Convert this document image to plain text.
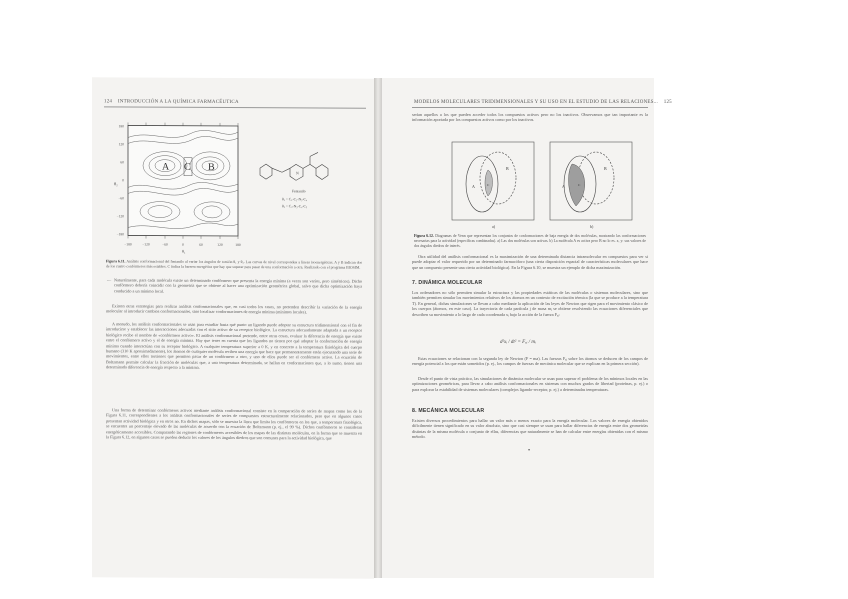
124 INTRODUCCIÓN A LA QUÍMICA FARMACÉUTICA
180
120
60
0
−60
−120
−180
θ₂
A C B
−180	−120	−60	0	60	120	180
θ₁
N
Fentanilo
θ₁ = C₁-C₂-N₃-C₄
θ₂ = C₂-N₃-C₄-C₅
Figura 6.11. Análisis conformacional del fentanilo al variar los ángulos de torsión θ₁ y θ₂. Las curvas de nivel correspondeн a líneas isoenergéticas. A y B indican dos de los cuatro confórmeros más estables. C indica la barrera energética que hay que superar para pasar de una conformación a otra. Realizado con el programa BIOSIM.
— Naturalmente, para cada molécula existe un determinado confórmero que presenta la energía mínima (a veces son varios, pero simétricos). Dicho confórmero debería coincidir con la geometría que se obtiene al hacer una optimización geométrica global, salvo que dicha optimización haya conducido a un mínimo local.
Existen otras estrategias para realizar análisis conformacionales que, en casi todos los casos, no pretenden describir la variación de la energía molecular al introducir cambios conformacionales, sino localizar conformaciones de energía mínima (mínimos locales).
A menudo, los análisis conformacionales se usan para estudiar hasta qué punto un ligando puede adoptar su estructura tridimensional con el fin de introducirse y establecer las interacciones adecuadas con el sitio activo de su receptor biológico. La estructura adecuadamente adaptada a un receptor biológico recibe el nombre de «confórmero activo». El análisis conformacional pretende, entre otras cosas, evaluar la diferencia de energía que existe entre el confórmero activo y el de energía mínima. Hay que tener en cuenta que los ligandos no tienen por qué adoptar la conformación de energía mínima cuando interactúan con su receptor biológico. A cualquier temperatura superior a 0 K, y en concreto a la temperatura fisiológica del cuerpo humano (310 K aproximadamente), los átomos de cualquier molécula reciben una energía que hace que permanentemente estén ejecutando una serie de movimientos, entre ellos torsiones que permiten pasar de un confórmero a otro, y uno de ellos puede ser el confórmero activo. La ecuación de Boltzmann permite calcular la fracción de moléculas que, a una temperatura determinada, se hallan en conformaciones que, a lo sumo, tienen una determinada diferencia de energía respecto a la mínima.
Una forma de determinar confórmeros activos mediante análisis conformacional consiste en la comparación de series de mapas como los de la Figura 6.11, correspondientes a los análisis conformacionales de series de compuestos estructuralmente relacionados, pero que en algunos casos presentan actividad biológica y en otros no. En dichos mapas, sólo se muestra la línea que limita los confórmeros en los que, a temperatura fisiológica, se encuentra un porcentaje elevado de las moléculas de acuerdo con la ecuación de Boltzmann (p. ej., el 99 %). Dichos confórmeros se consideran energéticamente accesibles. Comparando las regiones de confórmeros accesibles de los mapas de las distintas moléculas, en la forma que se muestra en la Figura 6.12, en algunos casos se pueden deducir los valores de los ángulos diedros que son comunes para la actividad biológica, que
MODELOS MOLECULARES TRIDIMENSIONALES Y SU USO EN EL ESTUDIO DE LAS RELACIONES... 125
serían aquellos a los que pueden acceder todos los compuestos activos pero no los inactivos. Observamos que tan importante es la información aportada por los compuestos activos como por los inactivos.
A
B
C
a)
A
B
C
b)
Figura 6.12. Diagramas de Venn que representan los conjuntos de conformaciones de baja energía de dos moléculas, mostrando las conformaciones necesarias para la actividad (específicas combinadas). a) Las dos moléculas son activas. b) La molécula A es activa pero B no lo es. x, y: sus valores de dos ángulos diedros de interés.
Otra utilidad del análisis conformacional es la maximización de una determinada distancia intramolecular en compuestos para ver si puede adoptar el valor requerido por un determinado farmacóforo (una cierta disposición espacial de características moleculares que hace que un compuesto presente una cierta actividad biológica). En la Figura 6.10, se muestra un ejemplo de dicha maximización.
7. DINÁMICA MOLECULAR
Los ordenadores no sólo permiten simular la estructura y las propiedades estáticas de las moléculas o sistemas moleculares, sino que también permiten simular los movimientos relativos de los átomos en un contexto de excitación térmica (la que se produce a la temperatura T). En general, dichas simulaciones se llevan a cabo mediante la aplicación de las leyes de Newton que rigen para el movimiento clásico de los cuerpos (átomos, en este caso). La trayectoria de cada partícula j de masa mⱼ se obtiene resolviendo las ecuaciones diferenciales que describen su movimiento a lo largo de cada coordenada xᵢ bajo la acción de la fuerza Fₓᵢ:
d²xᵢ / dt² = Fₓᵢ / mᵢ
Estas ecuaciones se relacionan con la segunda ley de Newton (F = ma). Las fuerzas Fₓᵢ sobre los átomos se deducen de los campos de energía potencial a los que están sometidos (p. ej., los campos de fuerzas de mecánica molecular que se explican en la primera sección).
Desde el punto de vista práctico, las simulaciones de dinámica molecular se usan para superar el problema de los mínimos locales en las optimizaciones geométricas, para llevar a cabo análisis conformacionales en sistemas con muchos grados de libertad (proteínas, p. ej.) o para explorar la estabilidad de sistemas moleculares (complejos ligando-receptor, p. ej.) a determinadas temperaturas.
8. MECÁNICA MOLECULAR
Existen diversos procedimientos para hallar un valor más o menos exacto para la energía molecular. Los valores de energía obtenidos difícilmente tienen significado en su valor absoluto, sino que casi siempre se usan para hallar diferencias de energía entre dos geometrías distintas de la misma molécula o conjunto de ellas, diferencias que naturalmente se han de calcular entre energías obtenidas con el mismo método.
•
